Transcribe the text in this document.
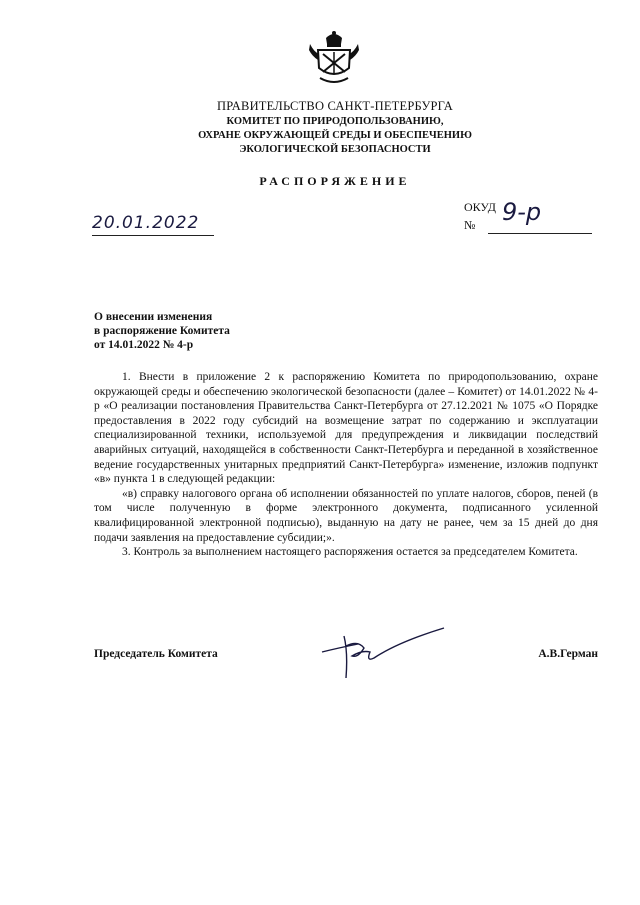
ПРАВИТЕЛЬСТВО САНКТ-ПЕТЕРБУРГА
КОМИТЕТ ПО ПРИРОДОПОЛЬЗОВАНИЮ,
ОХРАНЕ ОКРУЖАЮЩЕЙ СРЕДЫ И ОБЕСПЕЧЕНИЮ
ЭКОЛОГИЧЕСКОЙ БЕЗОПАСНОСТИ
РАСПОРЯЖЕНИЕ
20.01.2022
ОКУД
№ 9-р
О внесении изменения
в распоряжение Комитета
от 14.01.2022 № 4-р

1. Внести в приложение 2 к распоряжению Комитета по природопользованию, охране окружающей среды и обеспечению экологической безопасности (далее – Комитет) от 14.01.2022 № 4-р «О реализации постановления Правительства Санкт-Петербурга от 27.12.2021 № 1075 «О Порядке предоставления в 2022 году субсидий на возмещение затрат по содержанию и эксплуатации специализированной техники, используемой для предупреждения и ликвидации последствий аварийных ситуаций, находящейся в собственности Санкт-Петербурга и переданной в хозяйственное ведение государственных унитарных предприятий Санкт-Петербурга» изменение, изложив подпункт «в» пункта 1 в следующей редакции:

«в) справку налогового органа об исполнении обязанностей по уплате налогов, сборов, пеней (в том числе полученную в форме электронного документа, подписанного усиленной квалифицированной электронной подписью), выданную на дату не ранее, чем за 15 дней до дня подачи заявления на предоставление субсидии;».

3. Контроль за выполнением настоящего распоряжения остается за председателем Комитета.

Председатель Комитета	А.В.Герман
